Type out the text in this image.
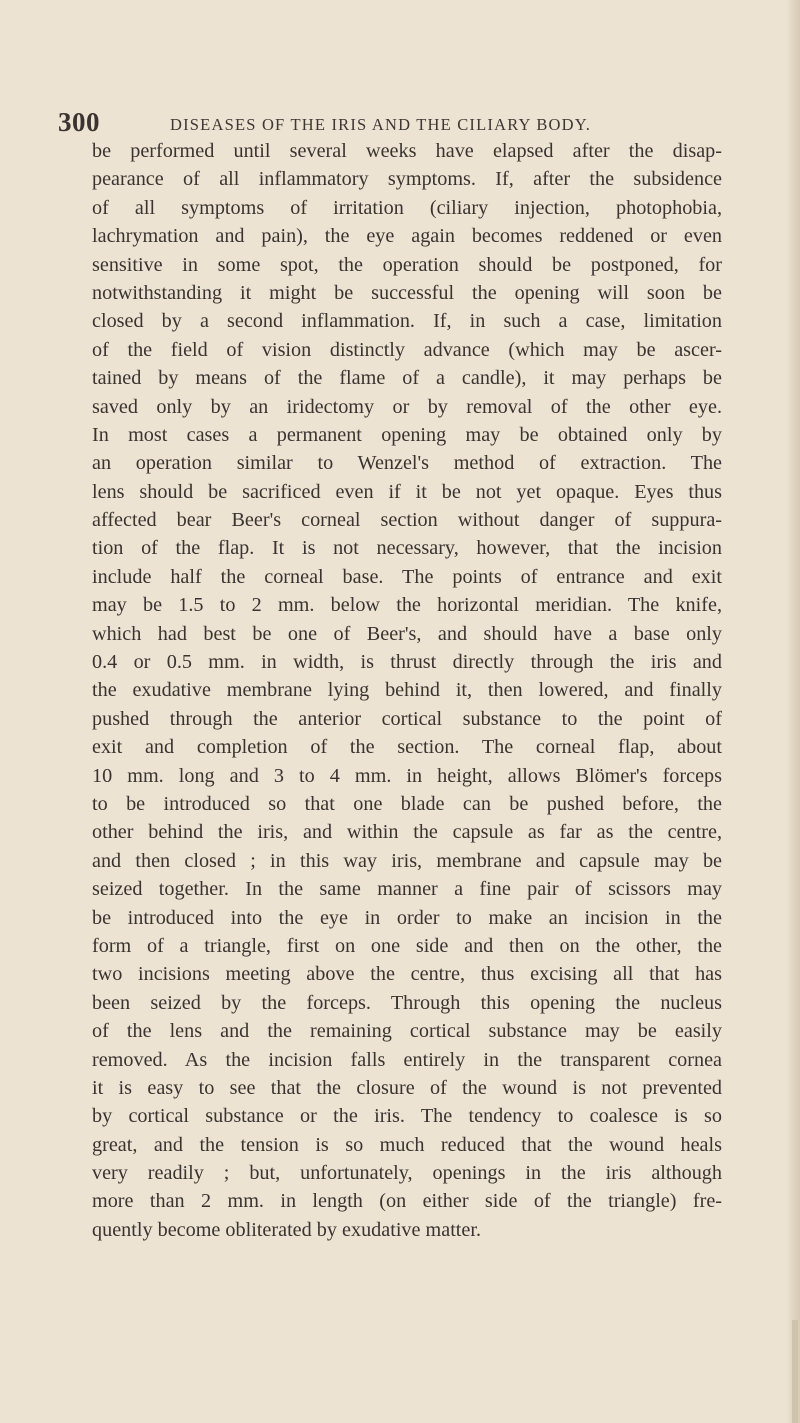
300	DISEASES OF THE IRIS AND THE CILIARY BODY.
be performed until several weeks have elapsed after the disap-
pearance of all inflammatory symptoms. If, after the subsidence
of all symptoms of irritation (ciliary injection, photophobia,
lachrymation and pain), the eye again becomes reddened or even
sensitive in some spot, the operation should be postponed, for
notwithstanding it might be successful the opening will soon be
closed by a second inflammation. If, in such a case, limitation
of the field of vision distinctly advance (which may be ascer-
tained by means of the flame of a candle), it may perhaps be
saved only by an iridectomy or by removal of the other eye.
In most cases a permanent opening may be obtained only by
an operation similar to Wenzel's method of extraction. The
lens should be sacrificed even if it be not yet opaque. Eyes thus
affected bear Beer's corneal section without danger of suppura-
tion of the flap. It is not necessary, however, that the incision
include half the corneal base. The points of entrance and exit
may be 1.5 to 2 mm. below the horizontal meridian. The knife,
which had best be one of Beer's, and should have a base only
0.4 or 0.5 mm. in width, is thrust directly through the iris and
the exudative membrane lying behind it, then lowered, and finally
pushed through the anterior cortical substance to the point of
exit and completion of the section. The corneal flap, about
10 mm. long and 3 to 4 mm. in height, allows Blömer's forceps
to be introduced so that one blade can be pushed before, the
other behind the iris, and within the capsule as far as the centre,
and then closed ; in this way iris, membrane and capsule may be
seized together. In the same manner a fine pair of scissors may
be introduced into the eye in order to make an incision in the
form of a triangle, first on one side and then on the other, the
two incisions meeting above the centre, thus excising all that has
been seized by the forceps. Through this opening the nucleus
of the lens and the remaining cortical substance may be easily
removed. As the incision falls entirely in the transparent cornea
it is easy to see that the closure of the wound is not prevented
by cortical substance or the iris. The tendency to coalesce is so
great, and the tension is so much reduced that the wound heals
very readily ; but, unfortunately, openings in the iris although
more than 2 mm. in length (on either side of the triangle) fre-
quently become obliterated by exudative matter.
